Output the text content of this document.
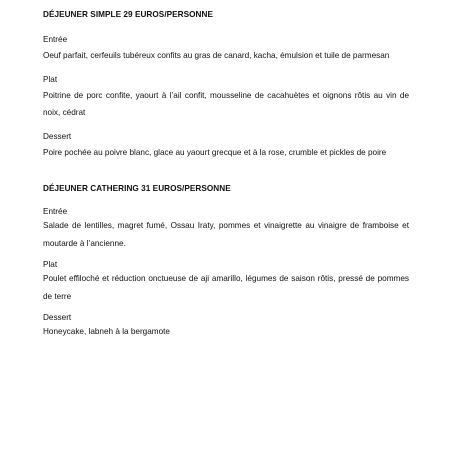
DÉJEUNER SIMPLE 29 EUROS/PERSONNE

Entrée

Oeuf parfait, cerfeuils tubéreux confits au gras de canard, kacha, émulsion et tuile de parmesan

Plat

Poitrine de porc confite, yaourt à l’ail confit, mousseline de cacahuètes et oignons rôtis au vin de noix, cédrat

Dessert

Poire pochée au poivre blanc, glace au yaourt grecque et à la rose, crumble et pickles de poire

DÉJEUNER CATHERING 31 EUROS/PERSONNE

Entrée

Salade de lentilles, magret fumé, Ossau Iraty, pommes et vinaigrette au vinaigre de framboise et moutarde à l’ancienne.

Plat

Poulet effiloché et réduction onctueuse de aji amarillo, légumes de saison rôtis, pressé de pommes de terre

Dessert

Honeycake, labneh à la bergamote
